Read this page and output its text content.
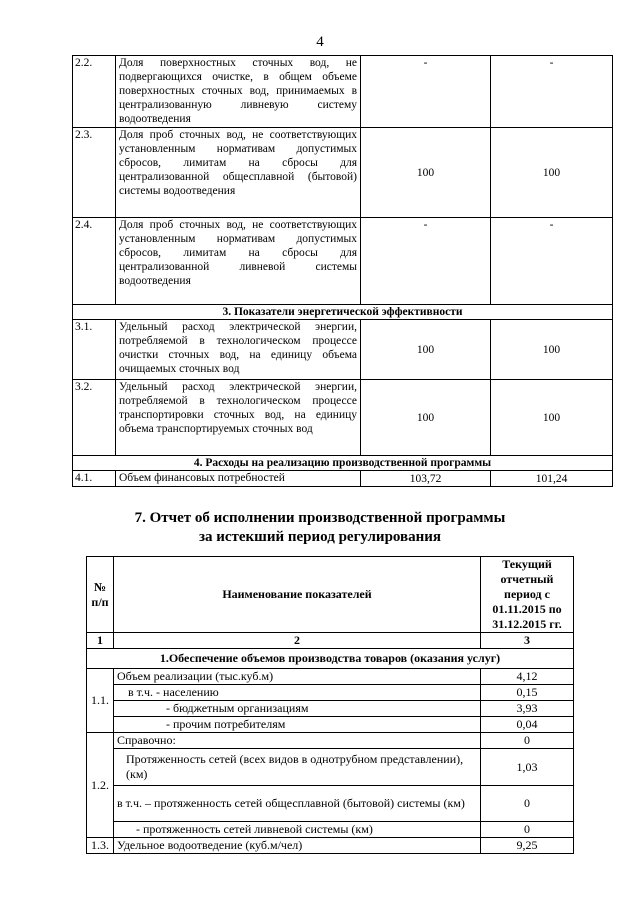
4
2.2.	Доля поверхностных сточных вод, не подвергающихся очистке, в общем объеме поверхностных сточных вод, принимаемых в централизованную ливневую систему водоотведения	-	-
2.3.	Доля проб сточных вод, не соответствующих установленным нормативам допустимых сбросов, лимитам на сбросы для централизованной общесплавной (бытовой) системы водоотведения	100	100
2.4.	Доля проб сточных вод, не соответствующих установленным нормативам допустимых сбросов, лимитам на сбросы для централизованной ливневой системы водоотведения	-	-
3. Показатели энергетической эффективности			
3.1.	Удельный расход электрической энергии, потребляемой в технологическом процессе очистки сточных вод, на единицу объема очищаемых сточных вод	100	100
3.2.	Удельный расход электрической энергии, потребляемой в технологическом процессе транспортировки сточных вод, на единицу объема транспортируемых сточных вод	100	100
4. Расходы на реализацию производственной программы			
4.1.	Объем финансовых потребностей	103,72	101,24
7. Отчет об исполнении производственной программы
за истекший период регулирования
№ п/п	Наименование показателей	Текущий отчетный период с 01.11.2015 по 31.12.2015 гг.
1	2	3
1.Обеспечение объемов производства товаров (оказания услуг)		
1.1.	Объем реализации (тыс.куб.м)	4,12
	в т.ч. - населению	0,15
	- бюджетным организациям	3,93
	- прочим потребителям	0,04
1.2.	Справочно:	0
	Протяженность сетей (всех видов в однотрубном представлении), (км)	1,03
	в т.ч. – протяженность сетей общесплавной (бытовой) системы (км)	0
	- протяженность сетей ливневой системы (км)	0
1.3.	Удельное водоотведение (куб.м/чел)	9,25
